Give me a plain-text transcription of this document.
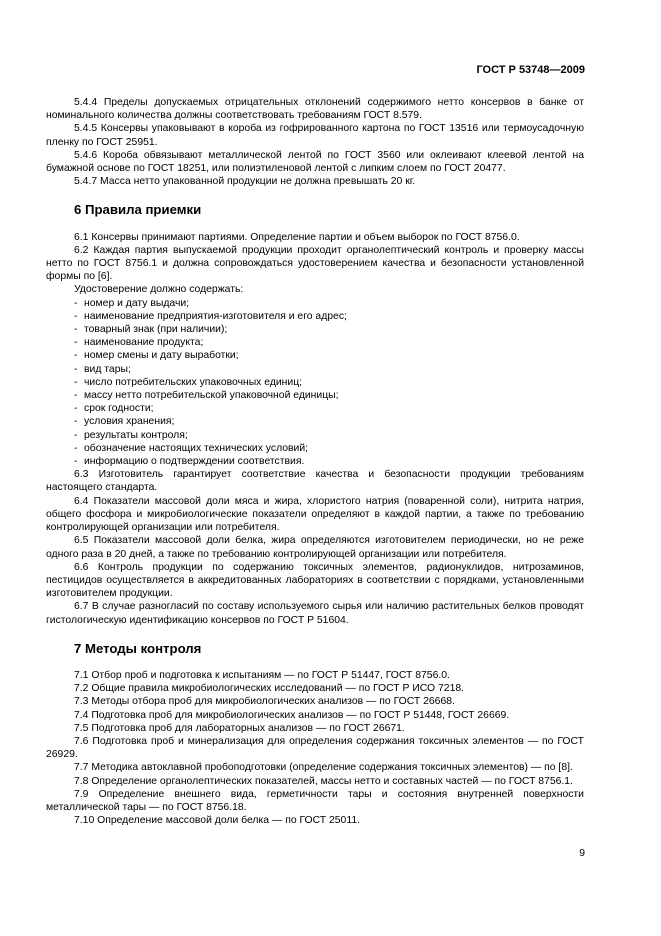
ГОСТ Р 53748—2009

5.4.4 Пределы допускаемых отрицательных отклонений содержимого нетто консервов в банке от номинального количества должны соответствовать требованиям ГОСТ 8.579.

5.4.5 Консервы упаковывают в короба из гофрированного картона по ГОСТ 13516 или термоусадочную пленку по ГОСТ 25951.

5.4.6 Короба обвязывают металлической лентой по ГОСТ 3560 или оклеивают клеевой лентой на бумажной основе по ГОСТ 18251, или полиэтиленовой лентой с липким слоем по ГОСТ 20477.

5.4.7 Масса нетто упакованной продукции не должна превышать 20 кг.

6 Правила приемки

6.1 Консервы принимают партиями. Определение партии и объем выборок по ГОСТ 8756.0.

6.2 Каждая партия выпускаемой продукции проходит органолептический контроль и проверку массы нетто по ГОСТ 8756.1 и должна сопровождаться удостоверением качества и безопасности установленной формы по [6].

Удостоверение должно содержать:

- номер и дату выдачи;
- наименование предприятия-изготовителя и его адрес;
- товарный знак (при наличии);
- наименование продукта;
- номер смены и дату выработки;
- вид тары;
- число потребительских упаковочных единиц;
- массу нетто потребительской упаковочной единицы;
- срок годности;
- условия хранения;
- результаты контроля;
- обозначение настоящих технических условий;
- информацию о подтверждении соответствия.

6.3 Изготовитель гарантирует соответствие качества и безопасности продукции требованиям настоящего стандарта.

6.4 Показатели массовой доли мяса и жира, хлористого натрия (поваренной соли), нитрита натрия, общего фосфора и микробиологические показатели определяют в каждой партии, а также по требованию контролирующей организации или потребителя.

6.5 Показатели массовой доли белка, жира определяются изготовителем периодически, но не реже одного раза в 20 дней, а также по требованию контролирующей организации или потребителя.

6.6 Контроль продукции по содержанию токсичных элементов, радионуклидов, нитрозаминов, пестицидов осуществляется в аккредитованных лабораториях в соответствии с порядками, установленными изготовителем продукции.

6.7 В случае разногласий по составу используемого сырья или наличию растительных белков проводят гистологическую идентификацию консервов по ГОСТ Р 51604.

7 Методы контроля

7.1 Отбор проб и подготовка к испытаниям — по ГОСТ Р 51447, ГОСТ 8756.0.

7.2 Общие правила микробиологических исследований — по ГОСТ Р ИСО 7218.

7.3 Методы отбора проб для микробиологических анализов — по ГОСТ 26668.

7.4 Подготовка проб для микробиологических анализов — по ГОСТ Р 51448, ГОСТ 26669.

7.5 Подготовка проб для лабораторных анализов — по ГОСТ 26671.

7.6 Подготовка проб и минерализация для определения содержания токсичных элементов — по ГОСТ 26929.

7.7 Методика автоклавной пробоподготовки (определение содержания токсичных элементов) — по [8].

7.8 Определение органолептических показателей, массы нетто и составных частей — по ГОСТ 8756.1.

7.9 Определение внешнего вида, герметичности тары и состояния внутренней поверхности металлической тары — по ГОСТ 8756.18.

7.10 Определение массовой доли белка — по ГОСТ 25011.

9
